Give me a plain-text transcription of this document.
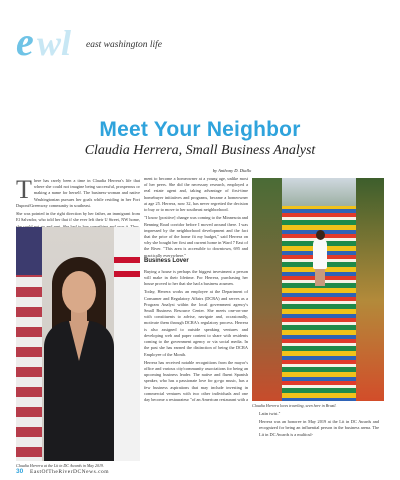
wl
e	east washington life
Meet Your Neighbor
Claudia Herrera, Small Business Analyst
by Anthony D. Diallo

There has rarely been a time in Claudia Herrera's life that where she could not imagine being successful, prosperous or making a name for herself. The business-woman and native Washingtonian pursues her goals while residing in her Fort Dupont/Greenway community in southeast.

She was pointed in the right direction by her father, an immigrant from El Salvador, who told her that if she ever left their U Street, NW home,

Claudia Herrera at the Lit in DC Awards in May 2019.

ment to become a homeowner at a young age, unlike most of her peers. She did the necessary research, employed a real estate agent and, taking advantage of first-time homebuyer initiatives and programs, became a homeowner at age 25. Herrera, now 32, has never regretted the decision to buy or to move to her southeast neighborhood.

"I know [positive] change was coming to the Minnesota and Benning Road corridor before I moved around there. I was impressed by the neighborhood development and the fact that the price of the home fit my budget," said Herrera on why she bought her first and current home in Ward 7 East of the River. "This area is accessible to downtown, 695 and practically everywhere."

Business Lover

Buying a house is perhaps the biggest investment a person will make in their lifetime. For Herrera, purchasing her house proved to her that she had a business acumen.

Today, Herrera works an employee at the Department of Consumer and Regulatory Affairs (DCRA) and serves as a Program Analyst within the local government agency's Small Business Resource Center. She meets one-on-one with constituents to advise, navigate and, occasionally, motivate them through DCRA's regulatory process. Herrera is also assigned to outside speaking ventures and developing web and paper content to share with residents coming to the government agency or via social media. In the past she has earned the distinction of being the DCRA Employee of the Month.

Herrera has received notable recognitions from the mayor's office and various city/community associations for being an upcoming business leader. The native and fluent Spanish speaker, who has a passionate love for go-go music, has a few business aspirations that may include investing in commercial ventures with two other individuals and one day become a restaurateur "of an American restaurant with a

Claudia Herrera loves traveling, seen here in Brazil.

Latin twist."

Herrera was an honoree in May 2019 at the Lit in DC Awards and recognized for being an influential person in the business arena. The Lit in DC Awards is a multicul-

30 EastOfTheRiverDCNews.com
